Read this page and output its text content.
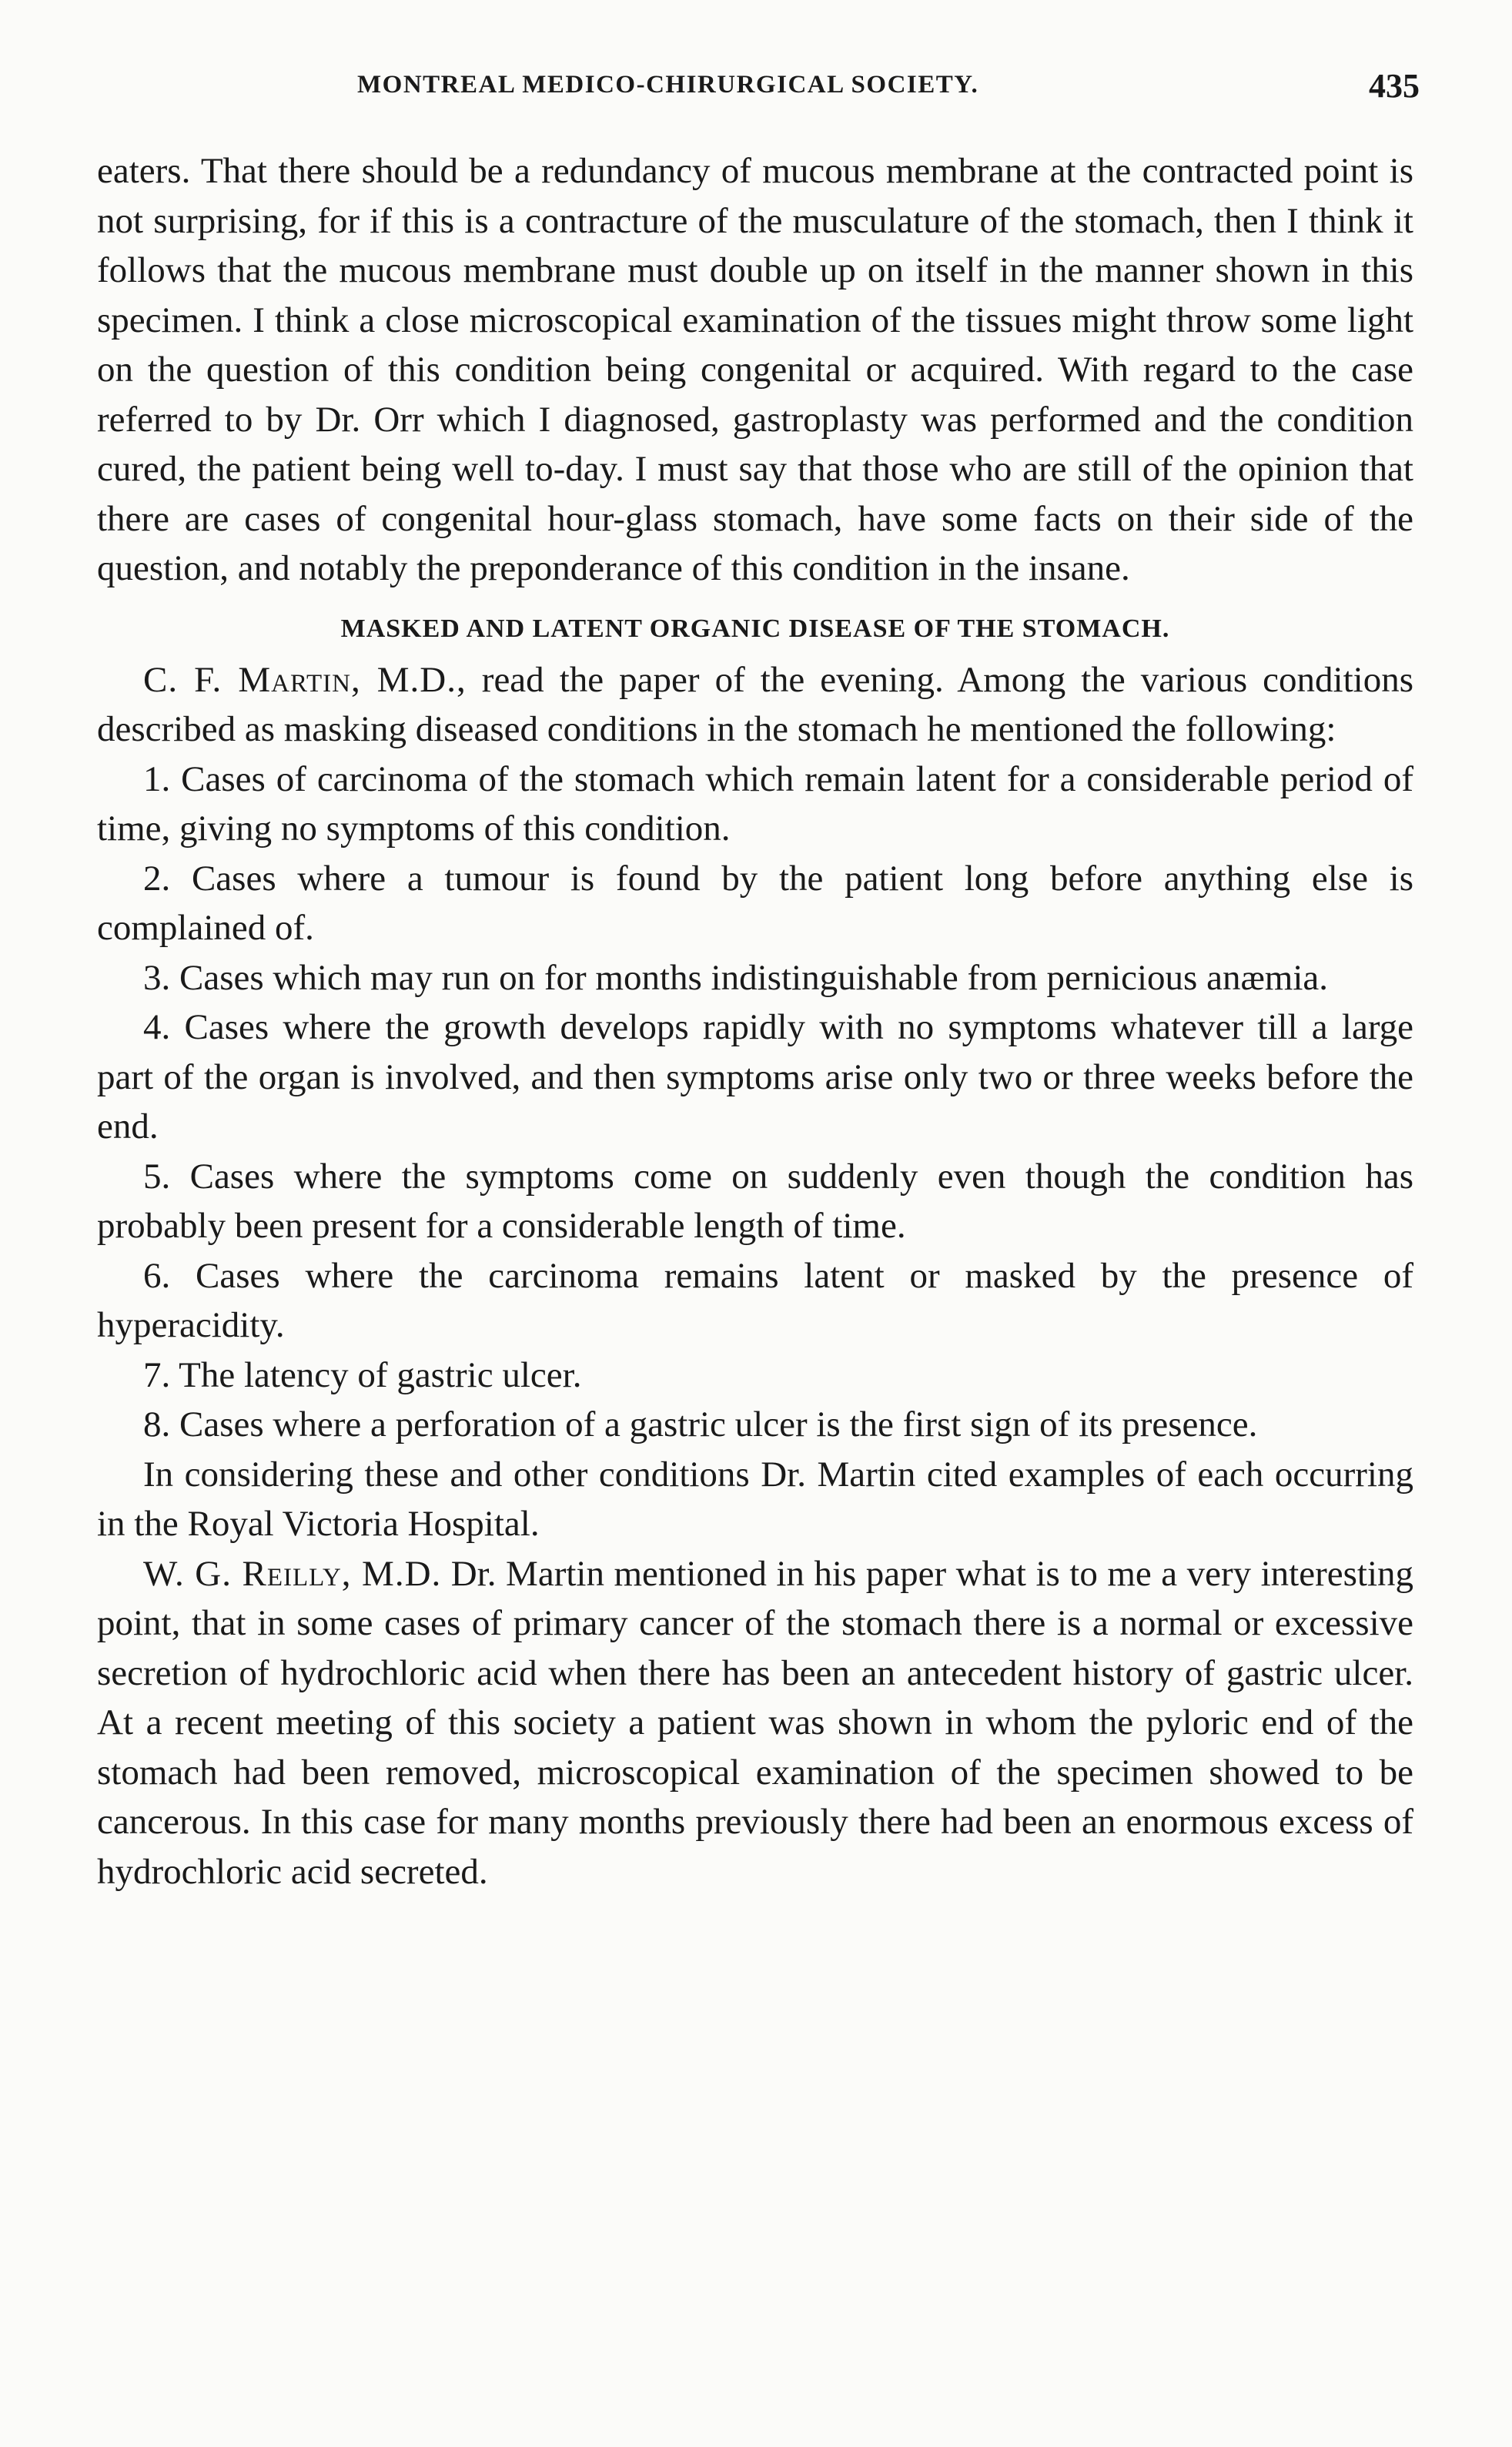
MONTREAL MEDICO-CHIRURGICAL SOCIETY.	435

eaters. That there should be a redundancy of mucous membrane at the contracted point is not surprising, for if this is a contracture of the musculature of the stomach, then I think it follows that the mucous membrane must double up on itself in the manner shown in this specimen. I think a close microscopical examination of the tissues might throw some light on the question of this condition being congenital or acquired. With regard to the case referred to by Dr. Orr which I diagnosed, gastroplasty was performed and the condition cured, the patient being well to-day. I must say that those who are still of the opinion that there are cases of congenital hour-glass stomach, have some facts on their side of the question, and notably the preponderance of this condition in the insane.

MASKED AND LATENT ORGANIC DISEASE OF THE STOMACH.

C. F. Martin, M.D., read the paper of the evening. Among the various conditions described as masking diseased conditions in the stomach he mentioned the following:

1. Cases of carcinoma of the stomach which remain latent for a considerable period of time, giving no symptoms of this condition.
2. Cases where a tumour is found by the patient long before anything else is complained of.
3. Cases which may run on for months indistinguishable from pernicious anæmia.
4. Cases where the growth develops rapidly with no symptoms whatever till a large part of the organ is involved, and then symptoms arise only two or three weeks before the end.
5. Cases where the symptoms come on suddenly even though the condition has probably been present for a considerable length of time.
6. Cases where the carcinoma remains latent or masked by the presence of hyperacidity.
7. The latency of gastric ulcer.
8. Cases where a perforation of a gastric ulcer is the first sign of its presence.

In considering these and other conditions Dr. Martin cited examples of each occurring in the Royal Victoria Hospital.

W. G. Reilly, M.D. Dr. Martin mentioned in his paper what is to me a very interesting point, that in some cases of primary cancer of the stomach there is a normal or excessive secretion of hydrochloric acid when there has been an antecedent history of gastric ulcer. At a recent meeting of this society a patient was shown in whom the pyloric end of the stomach had been removed, microscopical examination of the specimen showed to be cancerous. In this case for many months previously there had been an enormous excess of hydrochloric acid secreted.
